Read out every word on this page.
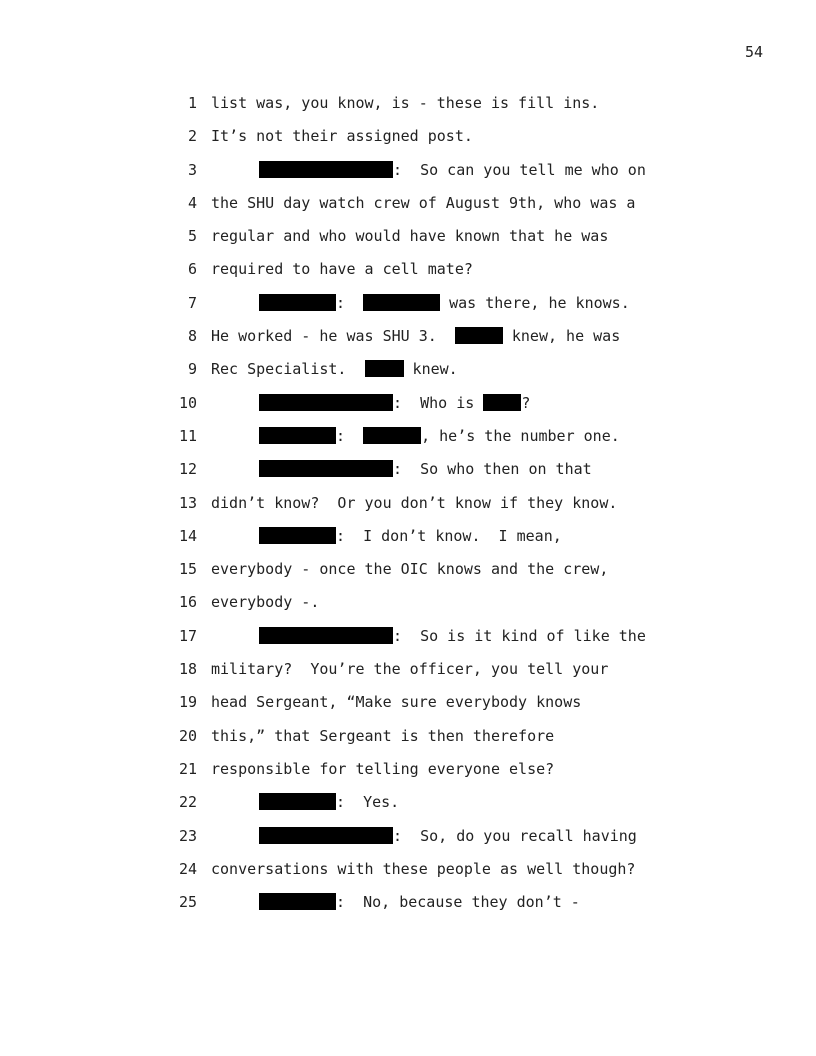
54
1 list was, you know, is - these is fill ins.
2 It’s not their assigned post.
3	:  So can you tell me who on
4 the SHU day watch crew of August 9th, who was a
5 regular and who would have known that he was
6 required to have a cell mate?
7	:	was there, he knows.
8 He worked - he was SHU 3.	knew, he was
9 Rec Specialist.	knew.
10	:  Who is	?
11	:	, he’s the number one.
12	:  So who then on that
13 didn’t know?  Or you don’t know if they know.
14	:  I don’t know.  I mean,
15 everybody - once the OIC knows and the crew,
16 everybody -.
17	:  So is it kind of like the
18 military?  You’re the officer, you tell your
19 head Sergeant, “Make sure everybody knows
20 this,” that Sergeant is then therefore
21 responsible for telling everyone else?
22	:  Yes.
23	:  So, do you recall having
24 conversations with these people as well though?
25	:  No, because they don’t -
